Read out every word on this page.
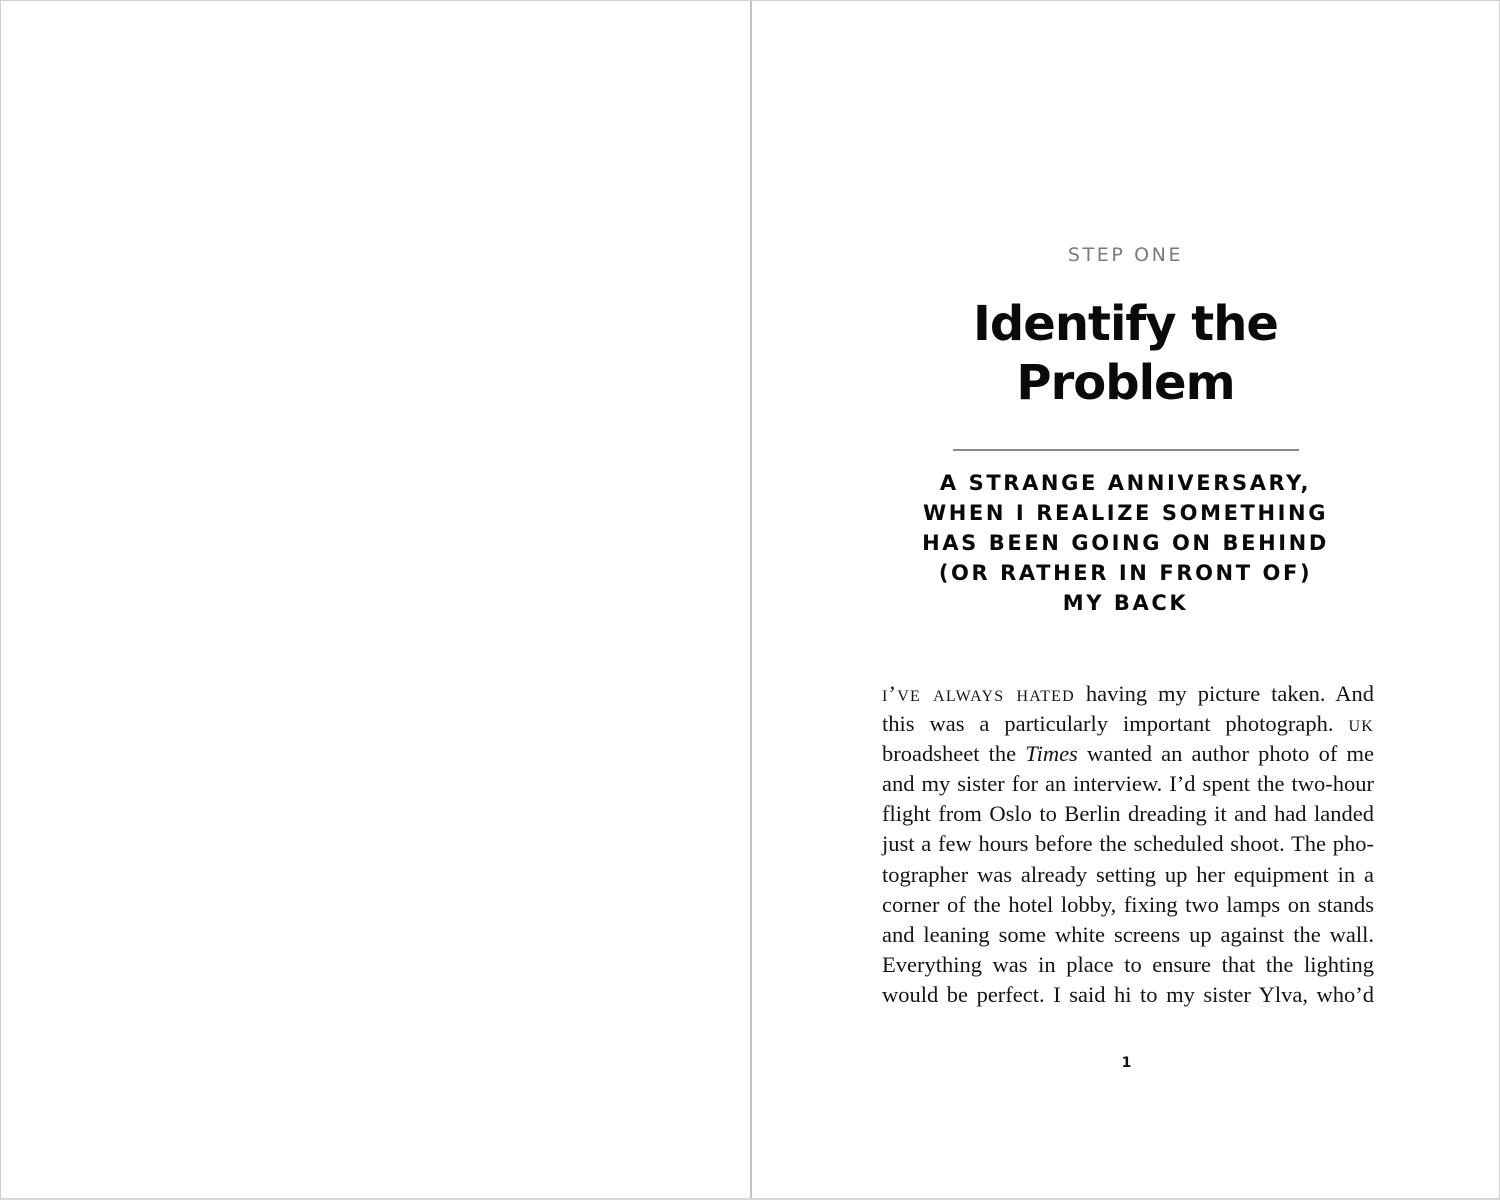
STEP ONE
Identify the
Problem
A STRANGE ANNIVERSARY,
WHEN I REALIZE SOMETHING
HAS BEEN GOING ON BEHIND
(OR RATHER IN FRONT OF)
MY BACK
i’ve always hated having my picture taken. And
this was a particularly important photograph. uk
broadsheet the Times wanted an author photo of me
and my sister for an interview. I’d spent the two-hour
flight from Oslo to Berlin dreading it and had landed
just a few hours before the scheduled shoot. The pho-
tographer was already setting up her equipment in a
corner of the hotel lobby, fixing two lamps on stands
and leaning some white screens up against the wall.
Everything was in place to ensure that the lighting
would be perfect. I said hi to my sister Ylva, who’d
1
